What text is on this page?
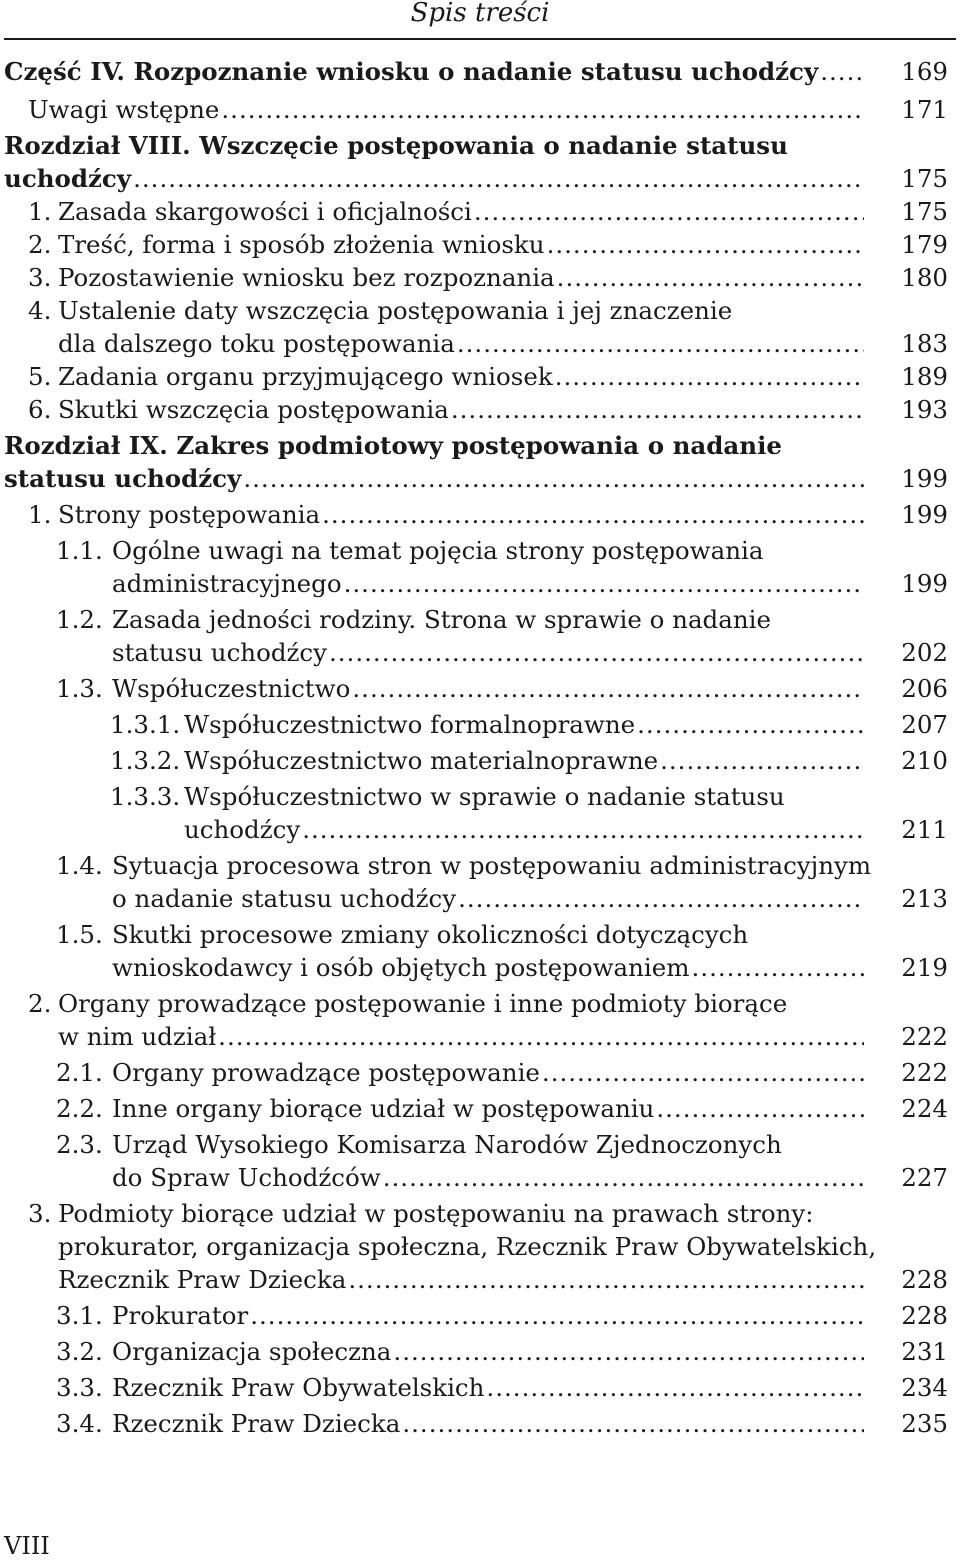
Spis treści
Część IV. Rozpoznanie wniosku o nadanie statusu uchodźcy .....	169
Uwagi wstępne .....	171
Rozdział VIII. Wszczęcie postępowania o nadanie statusu
uchodźcy .....	175
1. Zasada skargowości i oficjalności .....	175
2. Treść, forma i sposób złożenia wniosku .....	179
3. Pozostawienie wniosku bez rozpoznania .....	180
4. Ustalenie daty wszczęcia postępowania i jej znaczenie
dla dalszego toku postępowania .....	183
5. Zadania organu przyjmującego wniosek .....	189
6. Skutki wszczęcia postępowania .....	193
Rozdział IX. Zakres podmiotowy postępowania o nadanie
statusu uchodźcy .....	199
1. Strony postępowania .....	199
1.1. Ogólne uwagi na temat pojęcia strony postępowania
administracyjnego .....	199
1.2. Zasada jedności rodziny. Strona w sprawie o nadanie
statusu uchodźcy .....	202
1.3. Współuczestnictwo .....	206
1.3.1. Współuczestnictwo formalnoprawne .....	207
1.3.2. Współuczestnictwo materialnoprawne .....	210
1.3.3. Współuczestnictwo w sprawie o nadanie statusu
uchodźcy .....	211
1.4. Sytuacja procesowa stron w postępowaniu administracyjnym
o nadanie statusu uchodźcy .....	213
1.5. Skutki procesowe zmiany okoliczności dotyczących
wnioskodawcy i osób objętych postępowaniem .....	219
2. Organy prowadzące postępowanie i inne podmioty biorące
w nim udział .....	222
2.1. Organy prowadzące postępowanie .....	222
2.2. Inne organy biorące udział w postępowaniu .....	224
2.3. Urząd Wysokiego Komisarza Narodów Zjednoczonych
do Spraw Uchodźców .....	227
3. Podmioty biorące udział w postępowaniu na prawach strony:
prokurator, organizacja społeczna, Rzecznik Praw Obywatelskich,
Rzecznik Praw Dziecka .....	228
3.1. Prokurator .....	228
3.2. Organizacja społeczna .....	231
3.3. Rzecznik Praw Obywatelskich .....	234
3.4. Rzecznik Praw Dziecka .....	235
VIII
